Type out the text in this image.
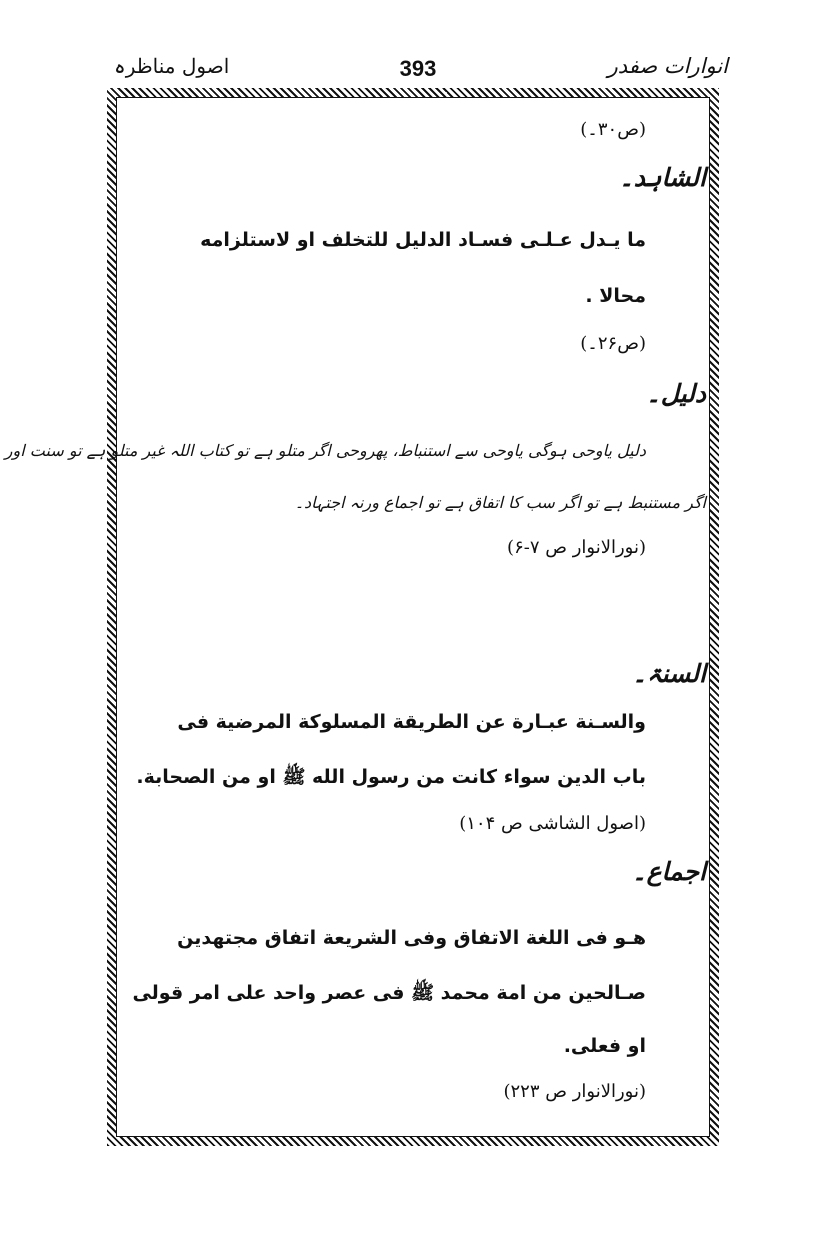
انوارات صفدر
393
اصول مناظرہ
(ص۳۰۔)
الشاہد۔
ما يـدل عـلـى فسـاد الدليل للتخلف او لاستلزامه
محالا .
(ص۲۶۔)
دلیل۔
دلیل یاوحی ہوگی یاوحی سے استنباط، پھروحی اگر متلو ہے تو کتاب اللہ غیر متلو ہے تو سنت اور
اگر مستنبط ہے تو اگر سب کا اتفاق ہے تو اجماع ورنہ اجتہاد۔
(نورالانوار ص ۷-۶)
السنۃ۔
والسـنة عبـارة عن الطريقة المسلوكة المرضية فى
باب الدين سواء كانت من رسول الله ﷺ او من الصحابة.
(اصول الشاشی ص ۱۰۴)
اجماع۔
هـو فى اللغة الاتفاق وفى الشريعة اتفاق مجتهدين
صـالحين من امة محمد ﷺ فى عصر واحد على امر قولى
او فعلى.
(نورالانوار ص ۲۲۳)
